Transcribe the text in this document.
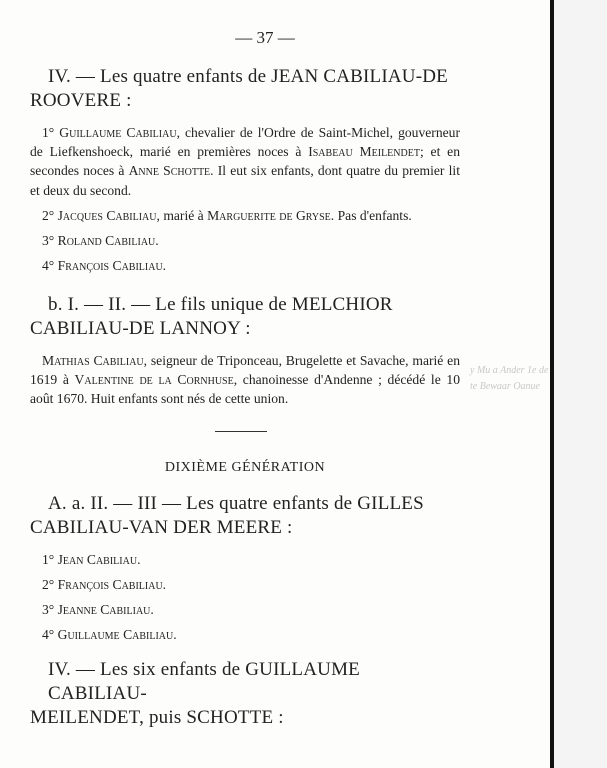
— 37 —
IV. — Les quatre enfants de JEAN CABILIAU-DE
ROOVERE :

1° Guillaume Cabiliau, chevalier de l'Ordre de Saint-Michel, gouverneur de Liefkenshoeck, marié en premières noces à Isabeau Meilendet; et en secondes noces à Anne Schotte. Il eut six enfants, dont quatre du premier lit et deux du second.

2° Jacques Cabiliau, marié à Marguerite de Gryse. Pas d'enfants.

3° Roland Cabiliau.

4° François Cabiliau.

b. I. — II. — Le fils unique de MELCHIOR
CABILIAU-DE LANNOY :

Mathias Cabiliau, seigneur de Triponceau, Brugelette et Savache, marié en 1619 à Valentine de la Cornhuse, chanoinesse d'Andenne ; décédé le 10 août 1670. Huit enfants sont nés de cette union.

DIXIÈME GÉNÉRATION
A. a. II. — III — Les quatre enfants de GILLES
CABILIAU-VAN DER MEERE :

1° Jean Cabiliau.

2° François Cabiliau.

3° Jeanne Cabiliau.

4° Guillaume Cabiliau.

IV. — Les six enfants de GUILLAUME CABILIAU-
MEILENDET, puis SCHOTTE :
y Mu a Ander 1e de
te Bewaar Oanue
